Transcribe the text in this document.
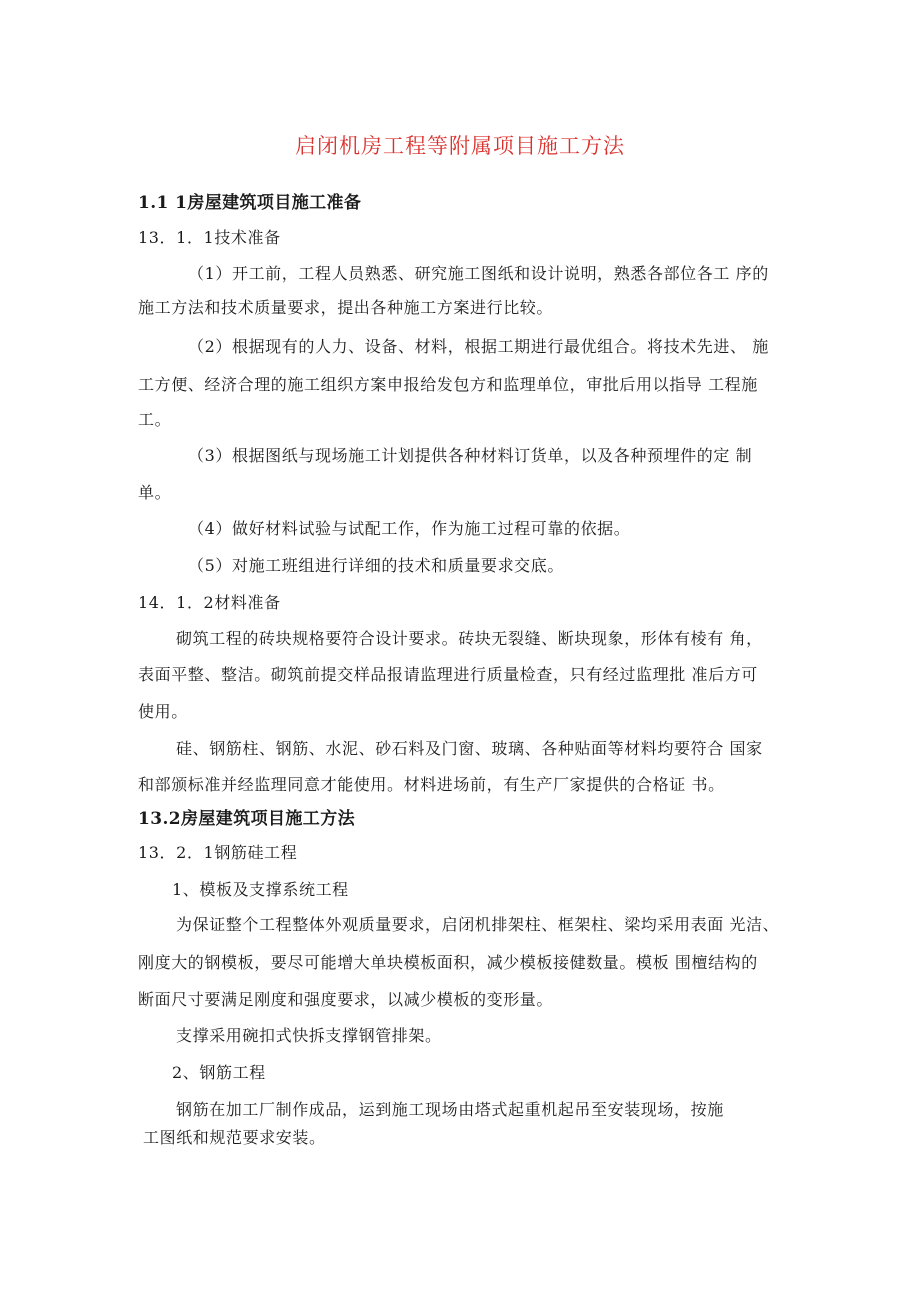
启闭机房工程等附属项目施工方法
1.1 1房屋建筑项目施工准备
13．1．1技术准备
（1）开工前，工程人员熟悉、研究施工图纸和设计说明，熟悉各部位各工 序的
施工方法和技术质量要求，提出各种施工方案进行比较。
（2）根据现有的人力、设备、材料，根据工期进行最优组合。将技术先进、 施
工方便、经济合理的施工组织方案申报给发包方和监理单位，审批后用以指导 工程施
工。
（3）根据图纸与现场施工计划提供各种材料订货单，以及各种预埋件的定 制
单。
（4）做好材料试验与试配工作，作为施工过程可靠的依据。
（5）对施工班组进行详细的技术和质量要求交底。
14．1．2材料准备
砌筑工程的砖块规格要符合设计要求。砖块无裂缝、断块现象，形体有棱有 角，
表面平整、整洁。砌筑前提交样品报请监理进行质量检查，只有经过监理批 准后方可
使用。
硅、钢筋柱、钢筋、水泥、砂石料及门窗、玻璃、各种贴面等材料均要符合 国家
和部颁标准并经监理同意才能使用。材料进场前，有生产厂家提供的合格证 书。
13.2房屋建筑项目施工方法
13．2．1钢筋硅工程
1、模板及支撑系统工程
为保证整个工程整体外观质量要求，启闭机排架柱、框架柱、梁均采用表面 光洁、
刚度大的钢模板，要尽可能增大单块模板面积，减少模板接健数量。模板 围檀结构的
断面尺寸要满足刚度和强度要求，以减少模板的变形量。
支撑采用碗扣式快拆支撑钢管排架。
2、钢筋工程
钢筋在加工厂制作成品，运到施工现场由塔式起重机起吊至安装现场，按施
工图纸和规范要求安装。
